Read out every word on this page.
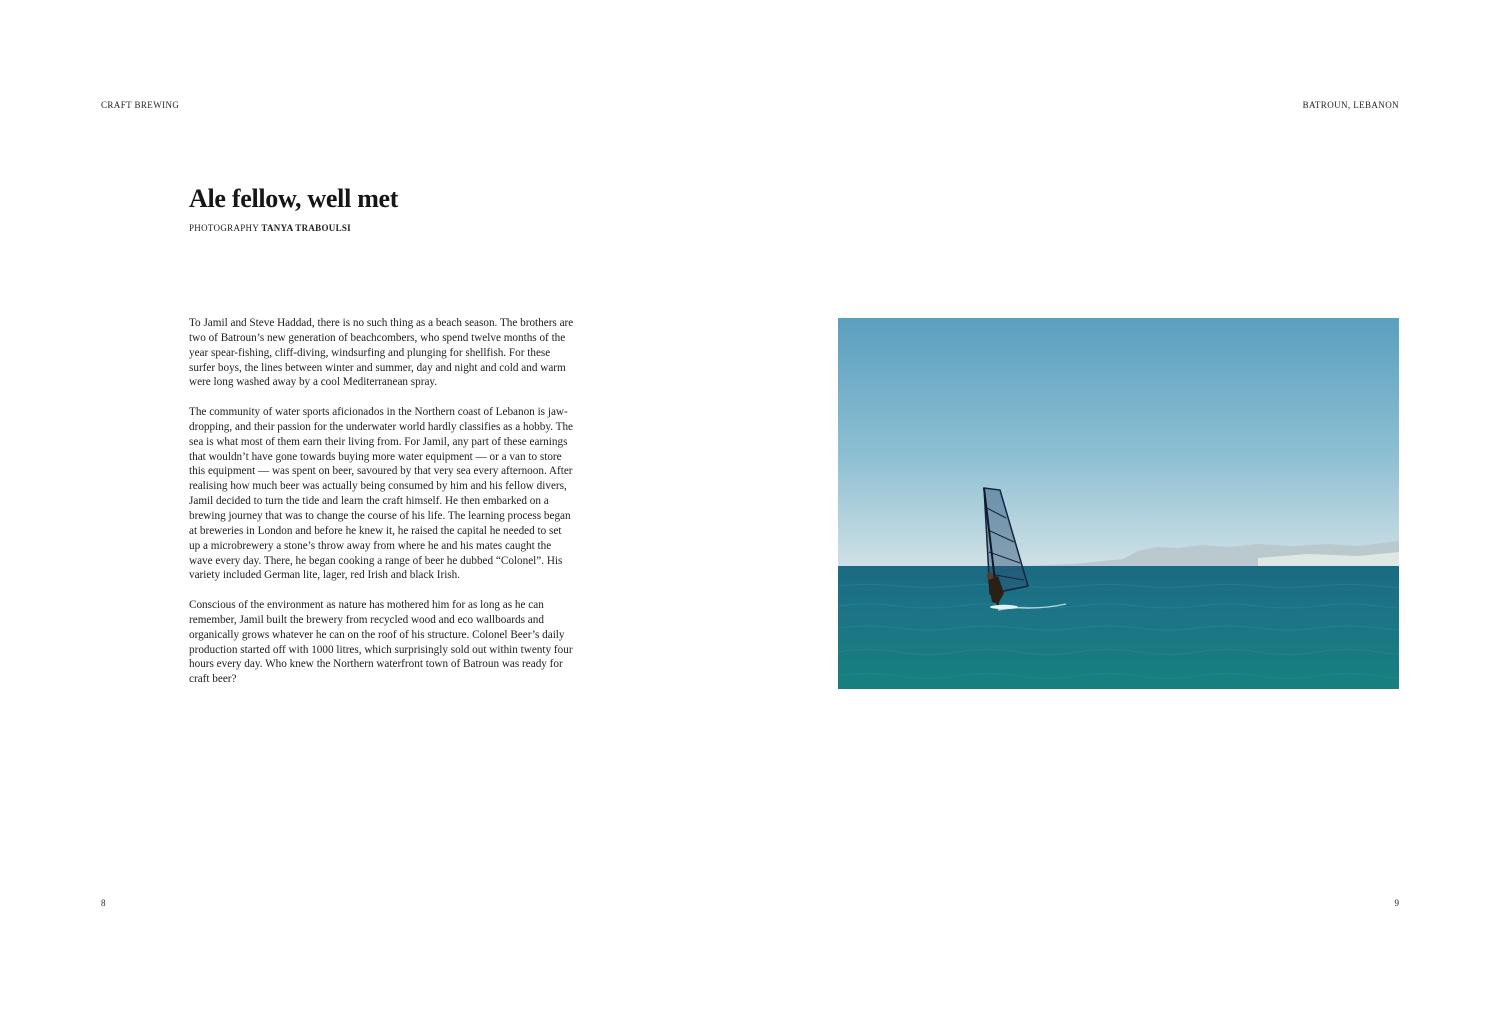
CRAFT BREWING	BATROUN, LEBANON
Ale fellow, well met
PHOTOGRAPHY TANYA TRABOULSI

To Jamil and Steve Haddad, there is no such thing as a beach season. The brothers are two of Batroun’s new generation of beachcombers, who spend twelve months of the year spear-fishing, cliff-diving, windsurfing and plunging for shellfish. For these surfer boys, the lines between winter and summer, day and night and cold and warm were long washed away by a cool Mediterranean spray.

The community of water sports aficionados in the Northern coast of Lebanon is jaw-dropping, and their passion for the underwater world hardly classifies as a hobby. The sea is what most of them earn their living from. For Jamil, any part of these earnings that wouldn’t have gone towards buying more water equipment — or a van to store this equipment — was spent on beer, savoured by that very sea every afternoon. After realising how much beer was actually being consumed by him and his fellow divers, Jamil decided to turn the tide and learn the craft himself. He then embarked on a brewing journey that was to change the course of his life. The learning process began at breweries in London and before he knew it, he raised the capital he needed to set up a microbrewery a stone’s throw away from where he and his mates caught the wave every day. There, he began cooking a range of beer he dubbed “Colonel”. His variety included German lite, lager, red Irish and black Irish.

Conscious of the environment as nature has mothered him for as long as he can remember, Jamil built the brewery from recycled wood and eco wallboards and organically grows whatever he can on the roof of his structure. Colonel Beer’s daily production started off with 1000 litres, which surprisingly sold out within twenty four hours every day. Who knew the Northern waterfront town of Batroun was ready for craft beer?

8	9
